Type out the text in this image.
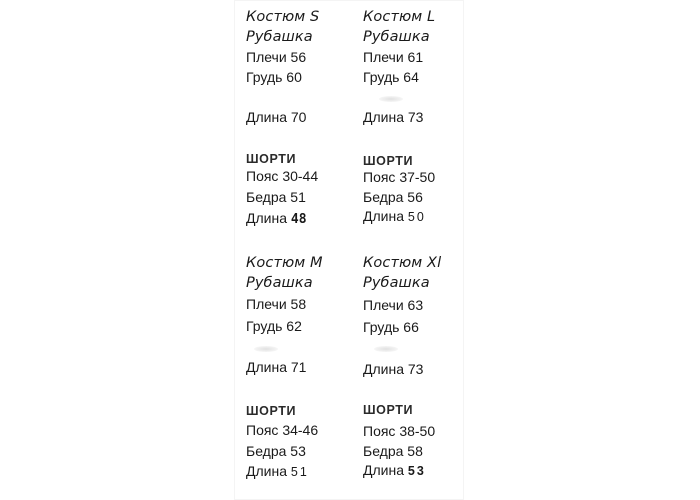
Костюм S
Рубашка
Плечи 56
Грудь 60
Длина 70
ШОРТИ
Пояс 30-44
Бедра 51
Длина 48
Костюм L
Рубашка
Плечи 61
Грудь 64
Длина 73
ШОРТИ
Пояс 37-50
Бедра 56
Длина 50
Костюм M
Рубашка
Плечи 58
Грудь 62
Длина 71
ШОРТИ
Пояс 34-46
Бедра 53
Длина 51
Костюм Xl
Рубашка
Плечи 63
Грудь 66
Длина 73
ШОРТИ
Пояс 38-50
Бедра 58
Длина 53
